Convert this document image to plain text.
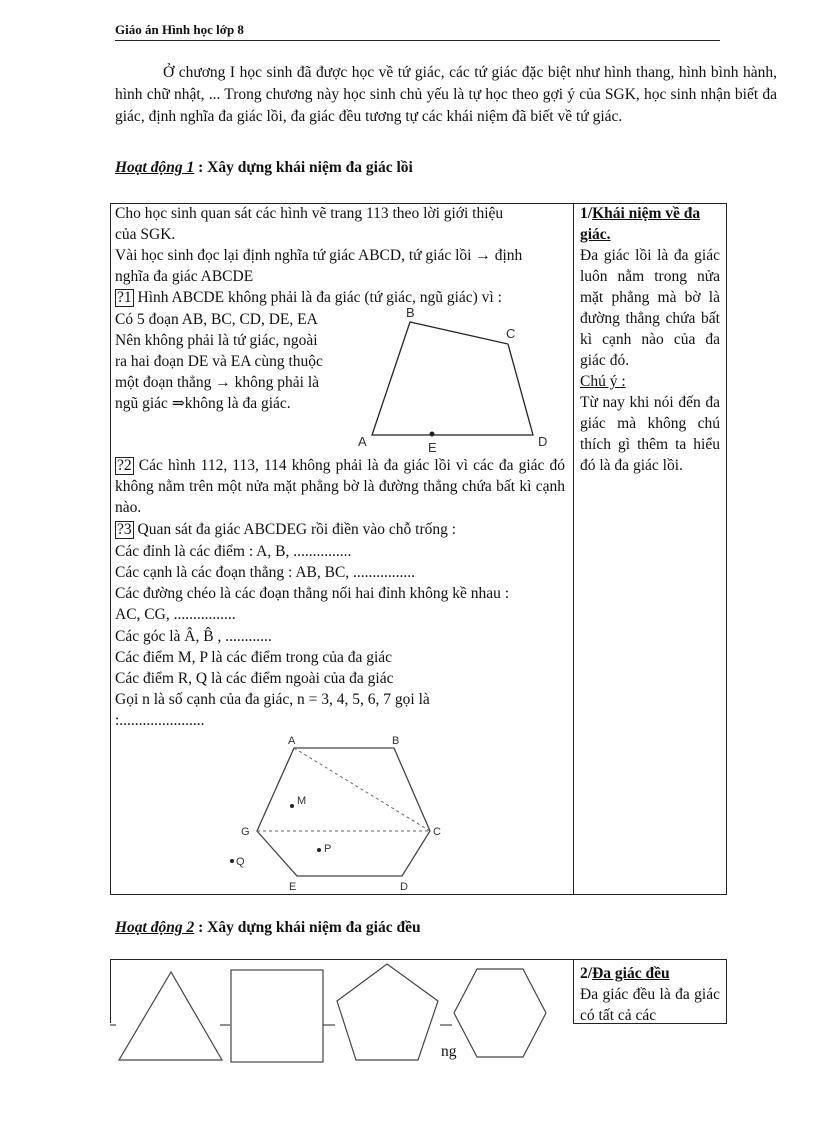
Giáo án Hình học lớp 8
Ở chương I học sinh đã được học về tứ giác, các tứ giác đặc biệt như hình thang, hình bình hành, hình chữ nhật, ... Trong chương này học sinh chủ yếu là tự học theo gợi ý của SGK, học sinh nhận biết đa giác, định nghĩa đa giác lồi, đa giác đều tương tự các khái niệm đã biết về tứ giác.
Hoạt động 1 : Xây dựng khái niệm đa giác lồi
Cho học sinh quan sát các hình vẽ trang 113 theo lời giới thiệu
của SGK.
Vài học sinh đọc lại định nghĩa tứ giác ABCD, tứ giác lồi → định
nghĩa đa giác ABCDE
?1 Hình ABCDE không phải là đa giác (tứ giác, ngũ giác) vì :
Có 5 đoạn AB, BC, CD, DE, EA
Nên không phải là tứ giác, ngoài
ra hai đoạn DE và EA cùng thuộc
một đoạn thẳng → không phải là
ngũ giác ⇒không là đa giác.
A
B
C
D
E
?2 Các hình 112, 113, 114 không phải là đa giác lồi vì các đa giác đó không nằm trên một nửa mặt phẳng bờ là đường thẳng chứa bất kì cạnh nào.
?3 Quan sát đa giác ABCDEG rồi điền vào chỗ trống :
Các đỉnh là các điểm : A, B, ...............
Các cạnh là các đoạn thẳng : AB, BC, ................
Các đường chéo là các đoạn thẳng nối hai đỉnh không kề nhau :
AC, CG, ................
Các góc là Â, B̂ , ............
Các điểm M, P là các điểm trong của đa giác
Các điểm R, Q là các điểm ngoài của đa giác
Gọi n là số cạnh của đa giác, n = 3, 4, 5, 6, 7 gọi là
:......................
A	B
C
D
E
G
M
P
Q
1/Khái niệm về đa giác.
Đa giác lồi là đa giác luôn nằm trong nửa mặt phẳng mà bờ là đường thẳng chứa bất kì cạnh nào của đa giác đó.
Chú ý :
Từ nay khi nói đến đa giác mà không chú thích gì thêm ta hiểu đó là đa giác lồi.
Hoạt động 2 : Xây dựng khái niệm đa giác đều
ng
2/Đa giác đều
Đa giác đều là đa giác có tất cả các
